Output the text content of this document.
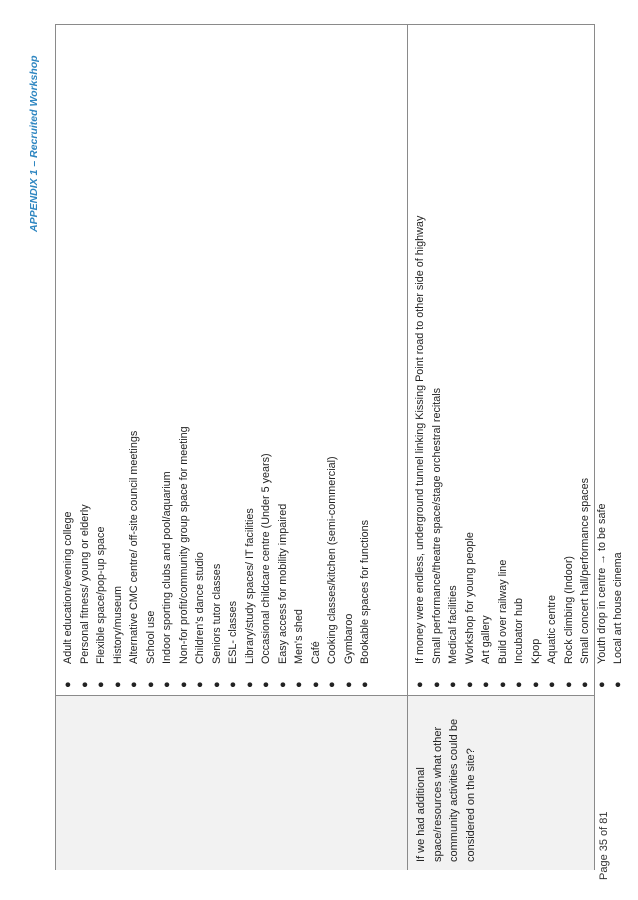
APPENDIX 1 – Recruited Workshop
●
Adult education/evening college
●
Personal fitness/ young or elderly
●
Flexible space/pop-up space
●
History/museum
●
Alternative CMC centre/ off-site council meetings
●
School use
●
Indoor sporting clubs and pool/aquarium
●
Non-for profit/community group space for meeting
●
Children's dance studio
●
Seniors tutor classes
●
ESL- classes
●
Library/study spaces/ IT facilities
●
Occasional childcare centre (Under 5 years)
●
Easy access for mobility impaired
●
Men's shed
●
Café
●
Cooking classes/kitchen (semi-commercial)
●
Gymbaroo
●
Bookable spaces for functions
If we had additional space/resources what other community activities could be considered on the site?
●
If money were endless, underground tunnel linking Kissing Point road to other side of highway
●
Small performance/theatre space/stage orchestral recitals
●
Medical facilities
●
Workshop for young people
●
Art gallery
●
Build over railway line
●
Incubator hub
●
Kpop
●
Aquatic centre
●
Rock climbing (Indoor)
●
Small concert hall/performance spaces
●
Youth drop in centre → to be safe
●
Local art house cinema
Page 35 of 81
